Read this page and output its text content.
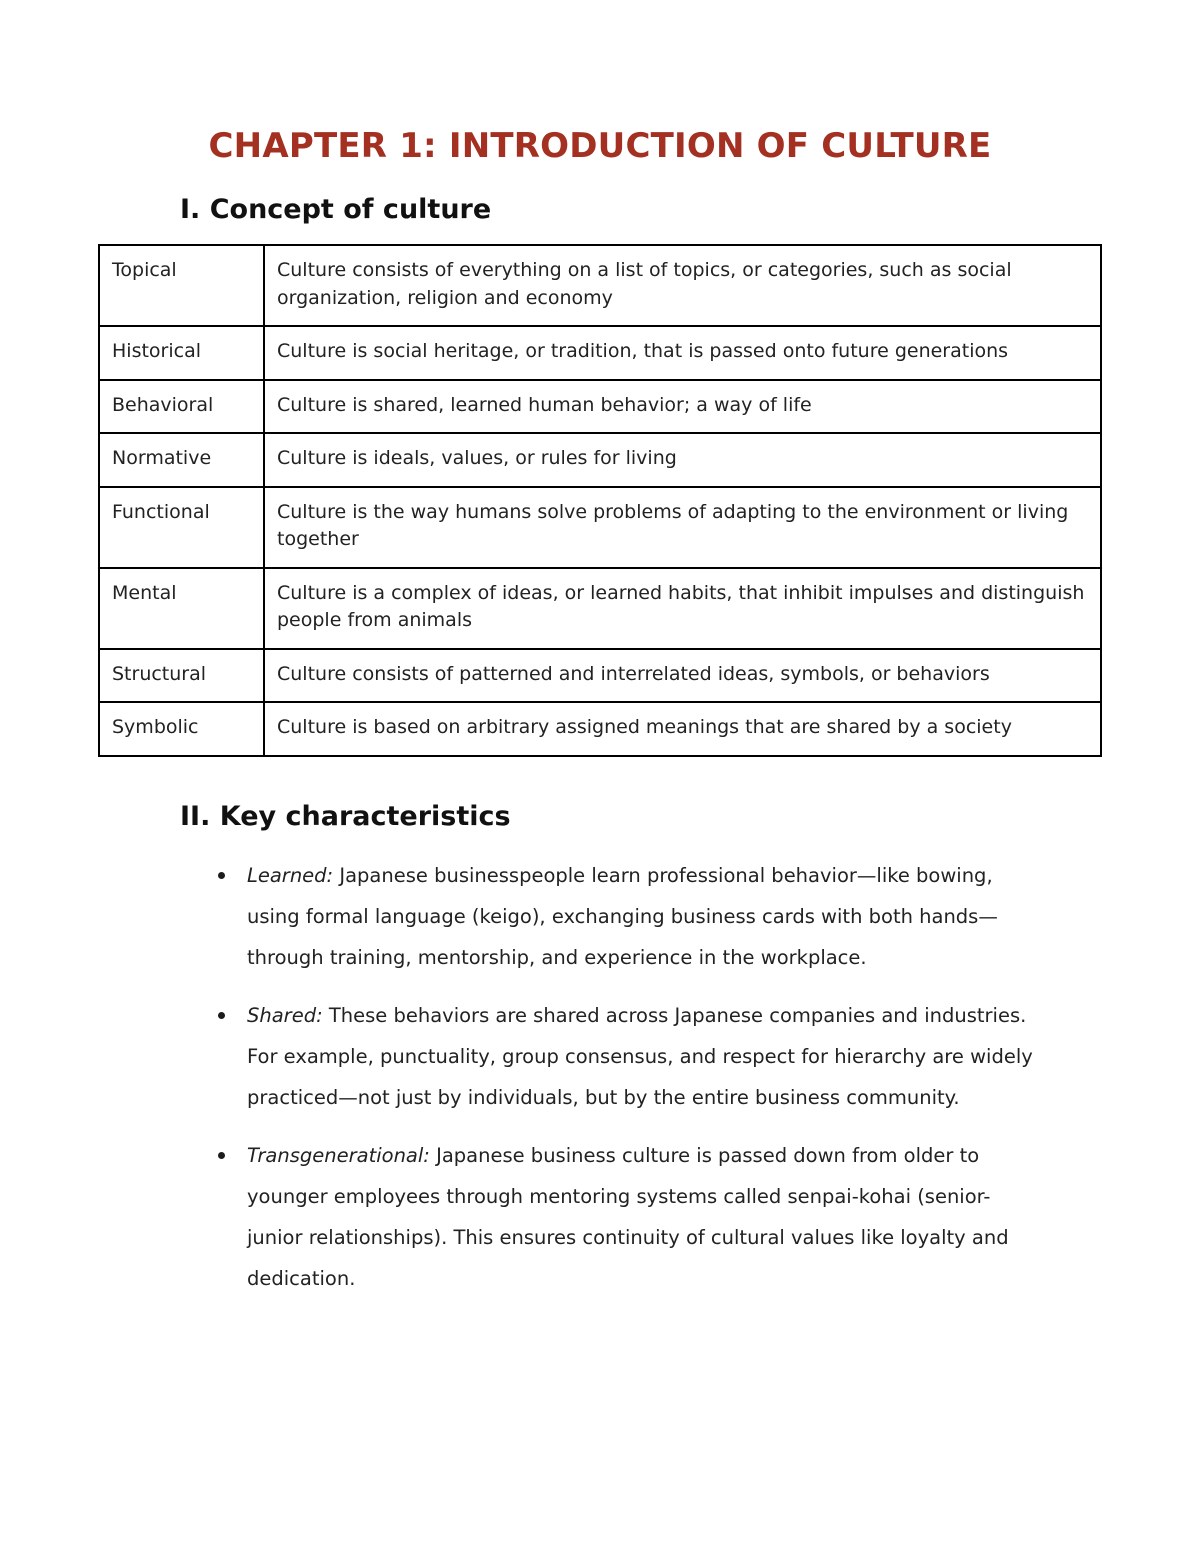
CHAPTER 1: INTRODUCTION OF CULTURE
I. Concept of culture
Topical	Culture consists of everything on a list of topics, or categories, such as social organization, religion and economy
Historical	Culture is social heritage, or tradition, that is passed onto future generations
Behavioral	Culture is shared, learned human behavior; a way of life
Normative	Culture is ideals, values, or rules for living
Functional	Culture is the way humans solve problems of adapting to the environment or living together
Mental	Culture is a complex of ideas, or learned habits, that inhibit impulses and distinguish people from animals
Structural	Culture consists of patterned and interrelated ideas, symbols, or behaviors
Symbolic	Culture is based on arbitrary assigned meanings that are shared by a society
II. Key characteristics

Learned: Japanese businesspeople learn professional behavior—like bowing, using formal language (keigo), exchanging business cards with both hands—through training, mentorship, and experience in the workplace.

Shared: These behaviors are shared across Japanese companies and industries. For example, punctuality, group consensus, and respect for hierarchy are widely practiced—not just by individuals, but by the entire business community.

Transgenerational: Japanese business culture is passed down from older to younger employees through mentoring systems called senpai-kohai (senior-junior relationships). This ensures continuity of cultural values like loyalty and dedication.
